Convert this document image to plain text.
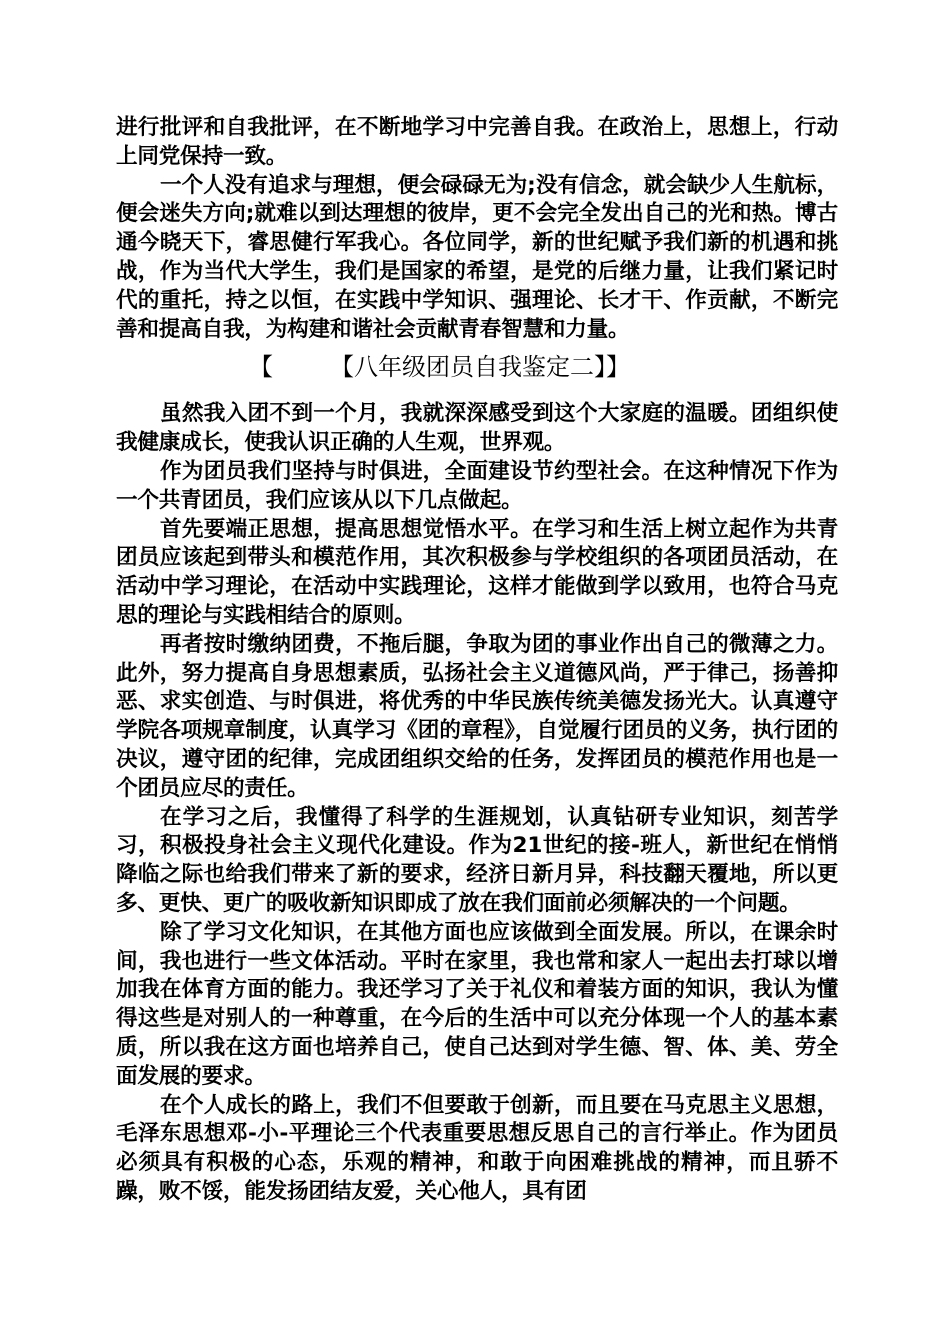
进行批评和自我批评，在不断地学习中完善自我。在政治上，思想上，行动上同党保持一致。

一个人没有追求与理想，便会碌碌无为;没有信念，就会缺少人生航标，便会迷失方向;就难以到达理想的彼岸，更不会完全发出自己的光和热。博古通今晓天下，睿思健行军我心。各位同学，新的世纪赋予我们新的机遇和挑战，作为当代大学生，我们是国家的希望，是党的后继力量，让我们紧记时代的重托，持之以恒，在实践中学知识、强理论、长才干、作贡献，不断完善和提高自我，为构建和谐社会贡献青春智慧和力量。

【 【八年级团员自我鉴定二】】

虽然我入团不到一个月，我就深深感受到这个大家庭的温暖。团组织使我健康成长，使我认识正确的人生观，世界观。

作为团员我们坚持与时俱进，全面建设节约型社会。在这种情况下作为一个共青团员，我们应该从以下几点做起。

首先要端正思想，提高思想觉悟水平。在学习和生活上树立起作为共青团员应该起到带头和模范作用，其次积极参与学校组织的各项团员活动，在活动中学习理论，在活动中实践理论，这样才能做到学以致用，也符合马克思的理论与实践相结合的原则。

再者按时缴纳团费，不拖后腿，争取为团的事业作出自己的微薄之力。此外，努力提高自身思想素质，弘扬社会主义道德风尚，严于律己，扬善抑恶、求实创造、与时俱进，将优秀的中华民族传统美德发扬光大。认真遵守学院各项规章制度，认真学习《团的章程》，自觉履行团员的义务，执行团的决议，遵守团的纪律，完成团组织交给的任务，发挥团员的模范作用也是一个团员应尽的责任。

在学习之后，我懂得了科学的生涯规划，认真钻研专业知识，刻苦学习，积极投身社会主义现代化建设。作为21世纪的接-班人，新世纪在悄悄降临之际也给我们带来了新的要求，经济日新月异，科技翻天覆地，所以更多、更快、更广的吸收新知识即成了放在我们面前必须解决的一个问题。

除了学习文化知识，在其他方面也应该做到全面发展。所以，在课余时间，我也进行一些文体活动。平时在家里，我也常和家人一起出去打球以增加我在体育方面的能力。我还学习了关于礼仪和着装方面的知识，我认为懂得这些是对别人的一种尊重，在今后的生活中可以充分体现一个人的基本素质，所以我在这方面也培养自己，使自己达到对学生德、智、体、美、劳全面发展的要求。

在个人成长的路上，我们不但要敢于创新，而且要在马克思主义思想，毛泽东思想邓-小-平理论三个代表重要思想反思自己的言行举止。作为团员必须具有积极的心态，乐观的精神，和敢于向困难挑战的精神，而且骄不躁，败不馁，能发扬团结友爱，关心他人，具有团
